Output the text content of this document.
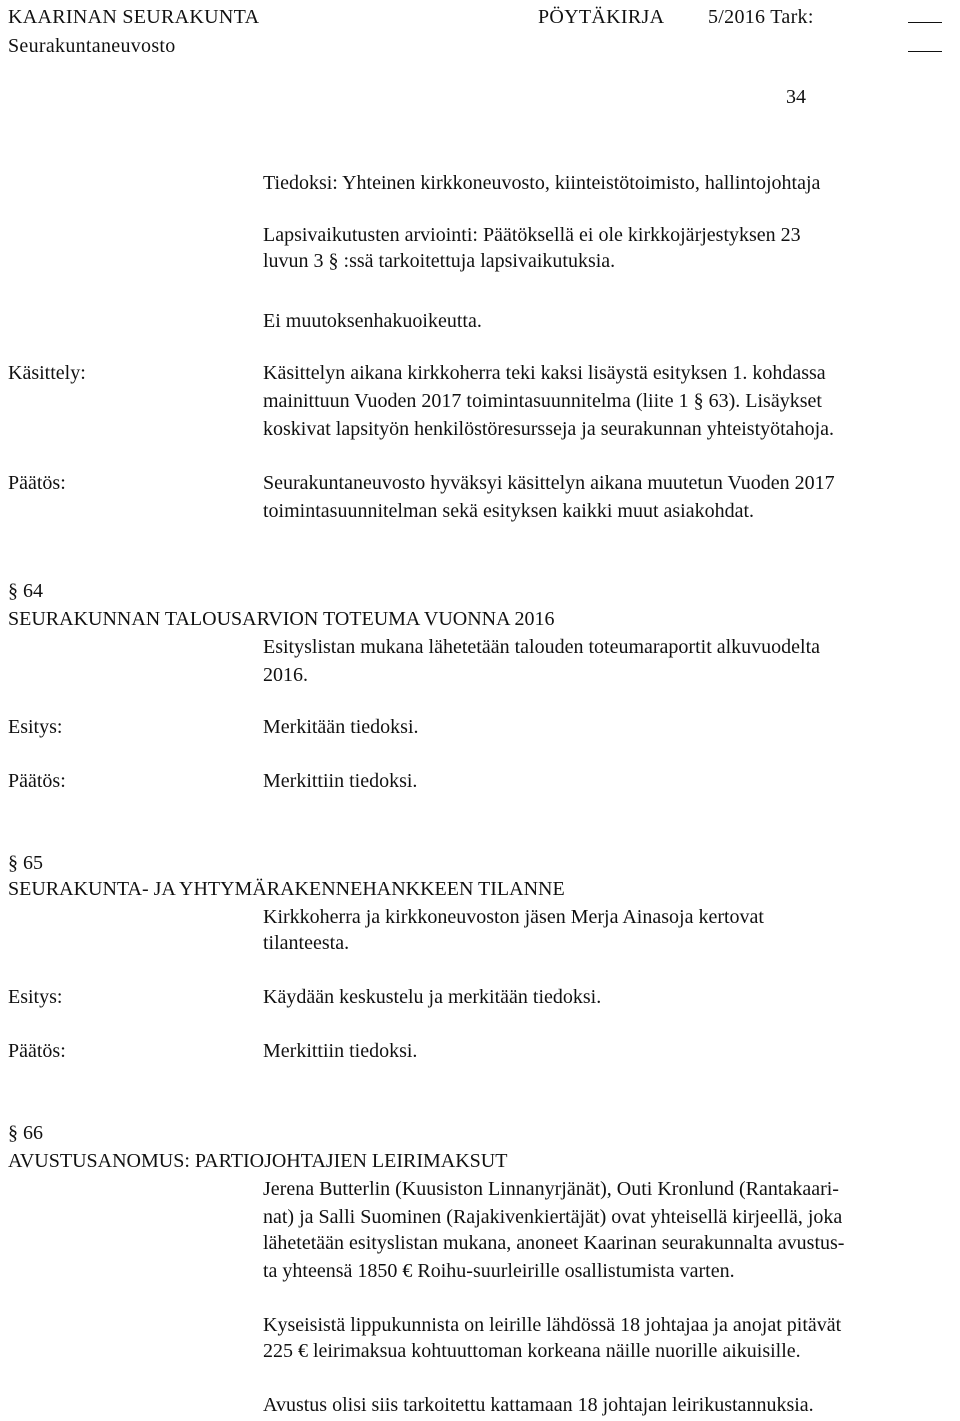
KAARINAN SEURAKUNTA	PÖYTÄKIRJA 5/2016 Tark:
Seurakuntaneuvosto
34
Tiedoksi: Yhteinen kirkkoneuvosto, kiinteistötoimisto, hallintojohtaja
Lapsivaikutusten arviointi: Päätöksellä ei ole kirkkojärjestyksen 23
luvun 3 § :ssä tarkoitettuja lapsivaikutuksia.
Ei muutoksenhakuoikeutta.
Käsittely:	Käsittelyn aikana kirkkoherra teki kaksi lisäystä esityksen 1. kohdassa
mainittuun Vuoden 2017 toimintasuunnitelma (liite 1 § 63). Lisäykset
koskivat lapsityön henkilöstöresursseja ja seurakunnan yhteistyötahoja.
Päätös:	Seurakuntaneuvosto hyväksyi käsittelyn aikana muutetun Vuoden 2017
toimintasuunnitelman sekä esityksen kaikki muut asiakohdat.
§ 64
SEURAKUNNAN TALOUSARVION TOTEUMA VUONNA 2016
Esityslistan mukana lähetetään talouden toteumaraportit alkuvuodelta
2016.
Esitys:	Merkitään tiedoksi.
Päätös:	Merkittiin tiedoksi.
§ 65
SEURAKUNTA- JA YHTYMÄRAKENNEHANKKEEN TILANNE
Kirkkoherra ja kirkkoneuvoston jäsen Merja Ainasoja kertovat
tilanteesta.
Esitys:	Käydään keskustelu ja merkitään tiedoksi.
Päätös:	Merkittiin tiedoksi.
§ 66
AVUSTUSANOMUS: PARTIOJOHTAJIEN LEIRIMAKSUT
Jerena Butterlin (Kuusiston Linnanyrjänät), Outi Kronlund (Rantakaari-
nat) ja Salli Suominen (Rajakivenkiertäjät) ovat yhteisellä kirjeellä, joka
lähetetään esityslistan mukana, anoneet Kaarinan seurakunnalta avustus-
ta yhteensä 1850 € Roihu-suurleirille osallistumista varten.
Kyseisistä lippukunnista on leirille lähdössä 18 johtajaa ja anojat pitävät
225 € leirimaksua kohtuuttoman korkeana näille nuorille aikuisille.
Avustus olisi siis tarkoitettu kattamaan 18 johtajan leirikustannuksia.
